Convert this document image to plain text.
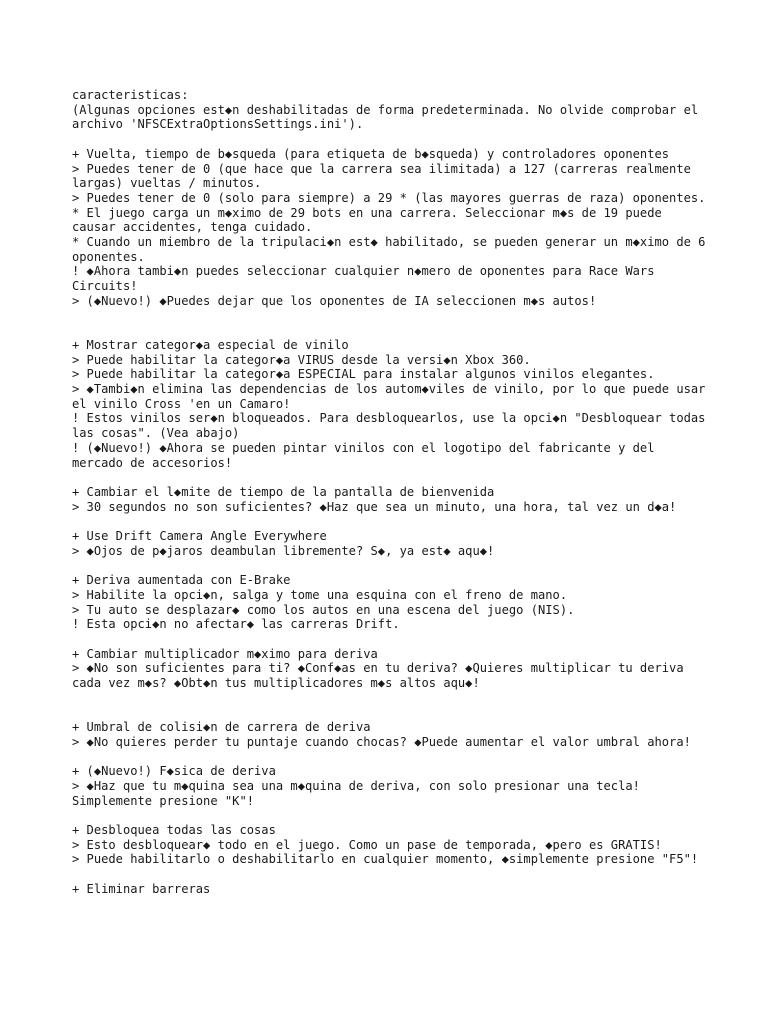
caracteristicas:
(Algunas opciones est◆n deshabilitadas de forma predeterminada. No olvide comprobar el archivo 'NFSCExtraOptionsSettings.ini').
+ Vuelta, tiempo de b◆squeda (para etiqueta de b◆squeda) y controladores oponentes
> Puedes tener de 0 (que hace que la carrera sea ilimitada) a 127 (carreras realmente largas) vueltas / minutos.
> Puedes tener de 0 (solo para siempre) a 29 * (las mayores guerras de raza) oponentes.
* El juego carga un m◆ximo de 29 bots en una carrera. Seleccionar m◆s de 19 puede causar accidentes, tenga cuidado.
* Cuando un miembro de la tripulaci◆n est◆ habilitado, se pueden generar un m◆ximo de 6 oponentes.
! ◆Ahora tambi◆n puedes seleccionar cualquier n◆mero de oponentes para Race Wars Circuits!
> (◆Nuevo!) ◆Puedes dejar que los oponentes de IA seleccionen m◆s autos!
+ Mostrar categor◆a especial de vinilo
> Puede habilitar la categor◆a VIRUS desde la versi◆n Xbox 360.
> Puede habilitar la categor◆a ESPECIAL para instalar algunos vinilos elegantes.
> ◆Tambi◆n elimina las dependencias de los autom◆viles de vinilo, por lo que puede usar el vinilo Cross 'en un Camaro!
! Estos vinilos ser◆n bloqueados. Para desbloquearlos, use la opci◆n "Desbloquear todas las cosas". (Vea abajo)
! (◆Nuevo!) ◆Ahora se pueden pintar vinilos con el logotipo del fabricante y del mercado de accesorios!
+ Cambiar el l◆mite de tiempo de la pantalla de bienvenida
> 30 segundos no son suficientes? ◆Haz que sea un minuto, una hora, tal vez un d◆a!
+ Use Drift Camera Angle Everywhere
> ◆Ojos de p◆jaros deambulan libremente? S◆, ya est◆ aqu◆!
+ Deriva aumentada con E-Brake
> Habilite la opci◆n, salga y tome una esquina con el freno de mano.
> Tu auto se desplazar◆ como los autos en una escena del juego (NIS).
! Esta opci◆n no afectar◆ las carreras Drift.
+ Cambiar multiplicador m◆ximo para deriva
> ◆No son suficientes para ti? ◆Conf◆as en tu deriva? ◆Quieres multiplicar tu deriva cada vez m◆s? ◆Obt◆n tus multiplicadores m◆s altos aqu◆!
+ Umbral de colisi◆n de carrera de deriva
> ◆No quieres perder tu puntaje cuando chocas? ◆Puede aumentar el valor umbral ahora!
+ (◆Nuevo!) F◆sica de deriva
> ◆Haz que tu m◆quina sea una m◆quina de deriva, con solo presionar una tecla! Simplemente presione "K"!
+ Desbloquea todas las cosas
> Esto desbloquear◆ todo en el juego. Como un pase de temporada, ◆pero es GRATIS!
> Puede habilitarlo o deshabilitarlo en cualquier momento, ◆simplemente presione "F5"!
+ Eliminar barreras
